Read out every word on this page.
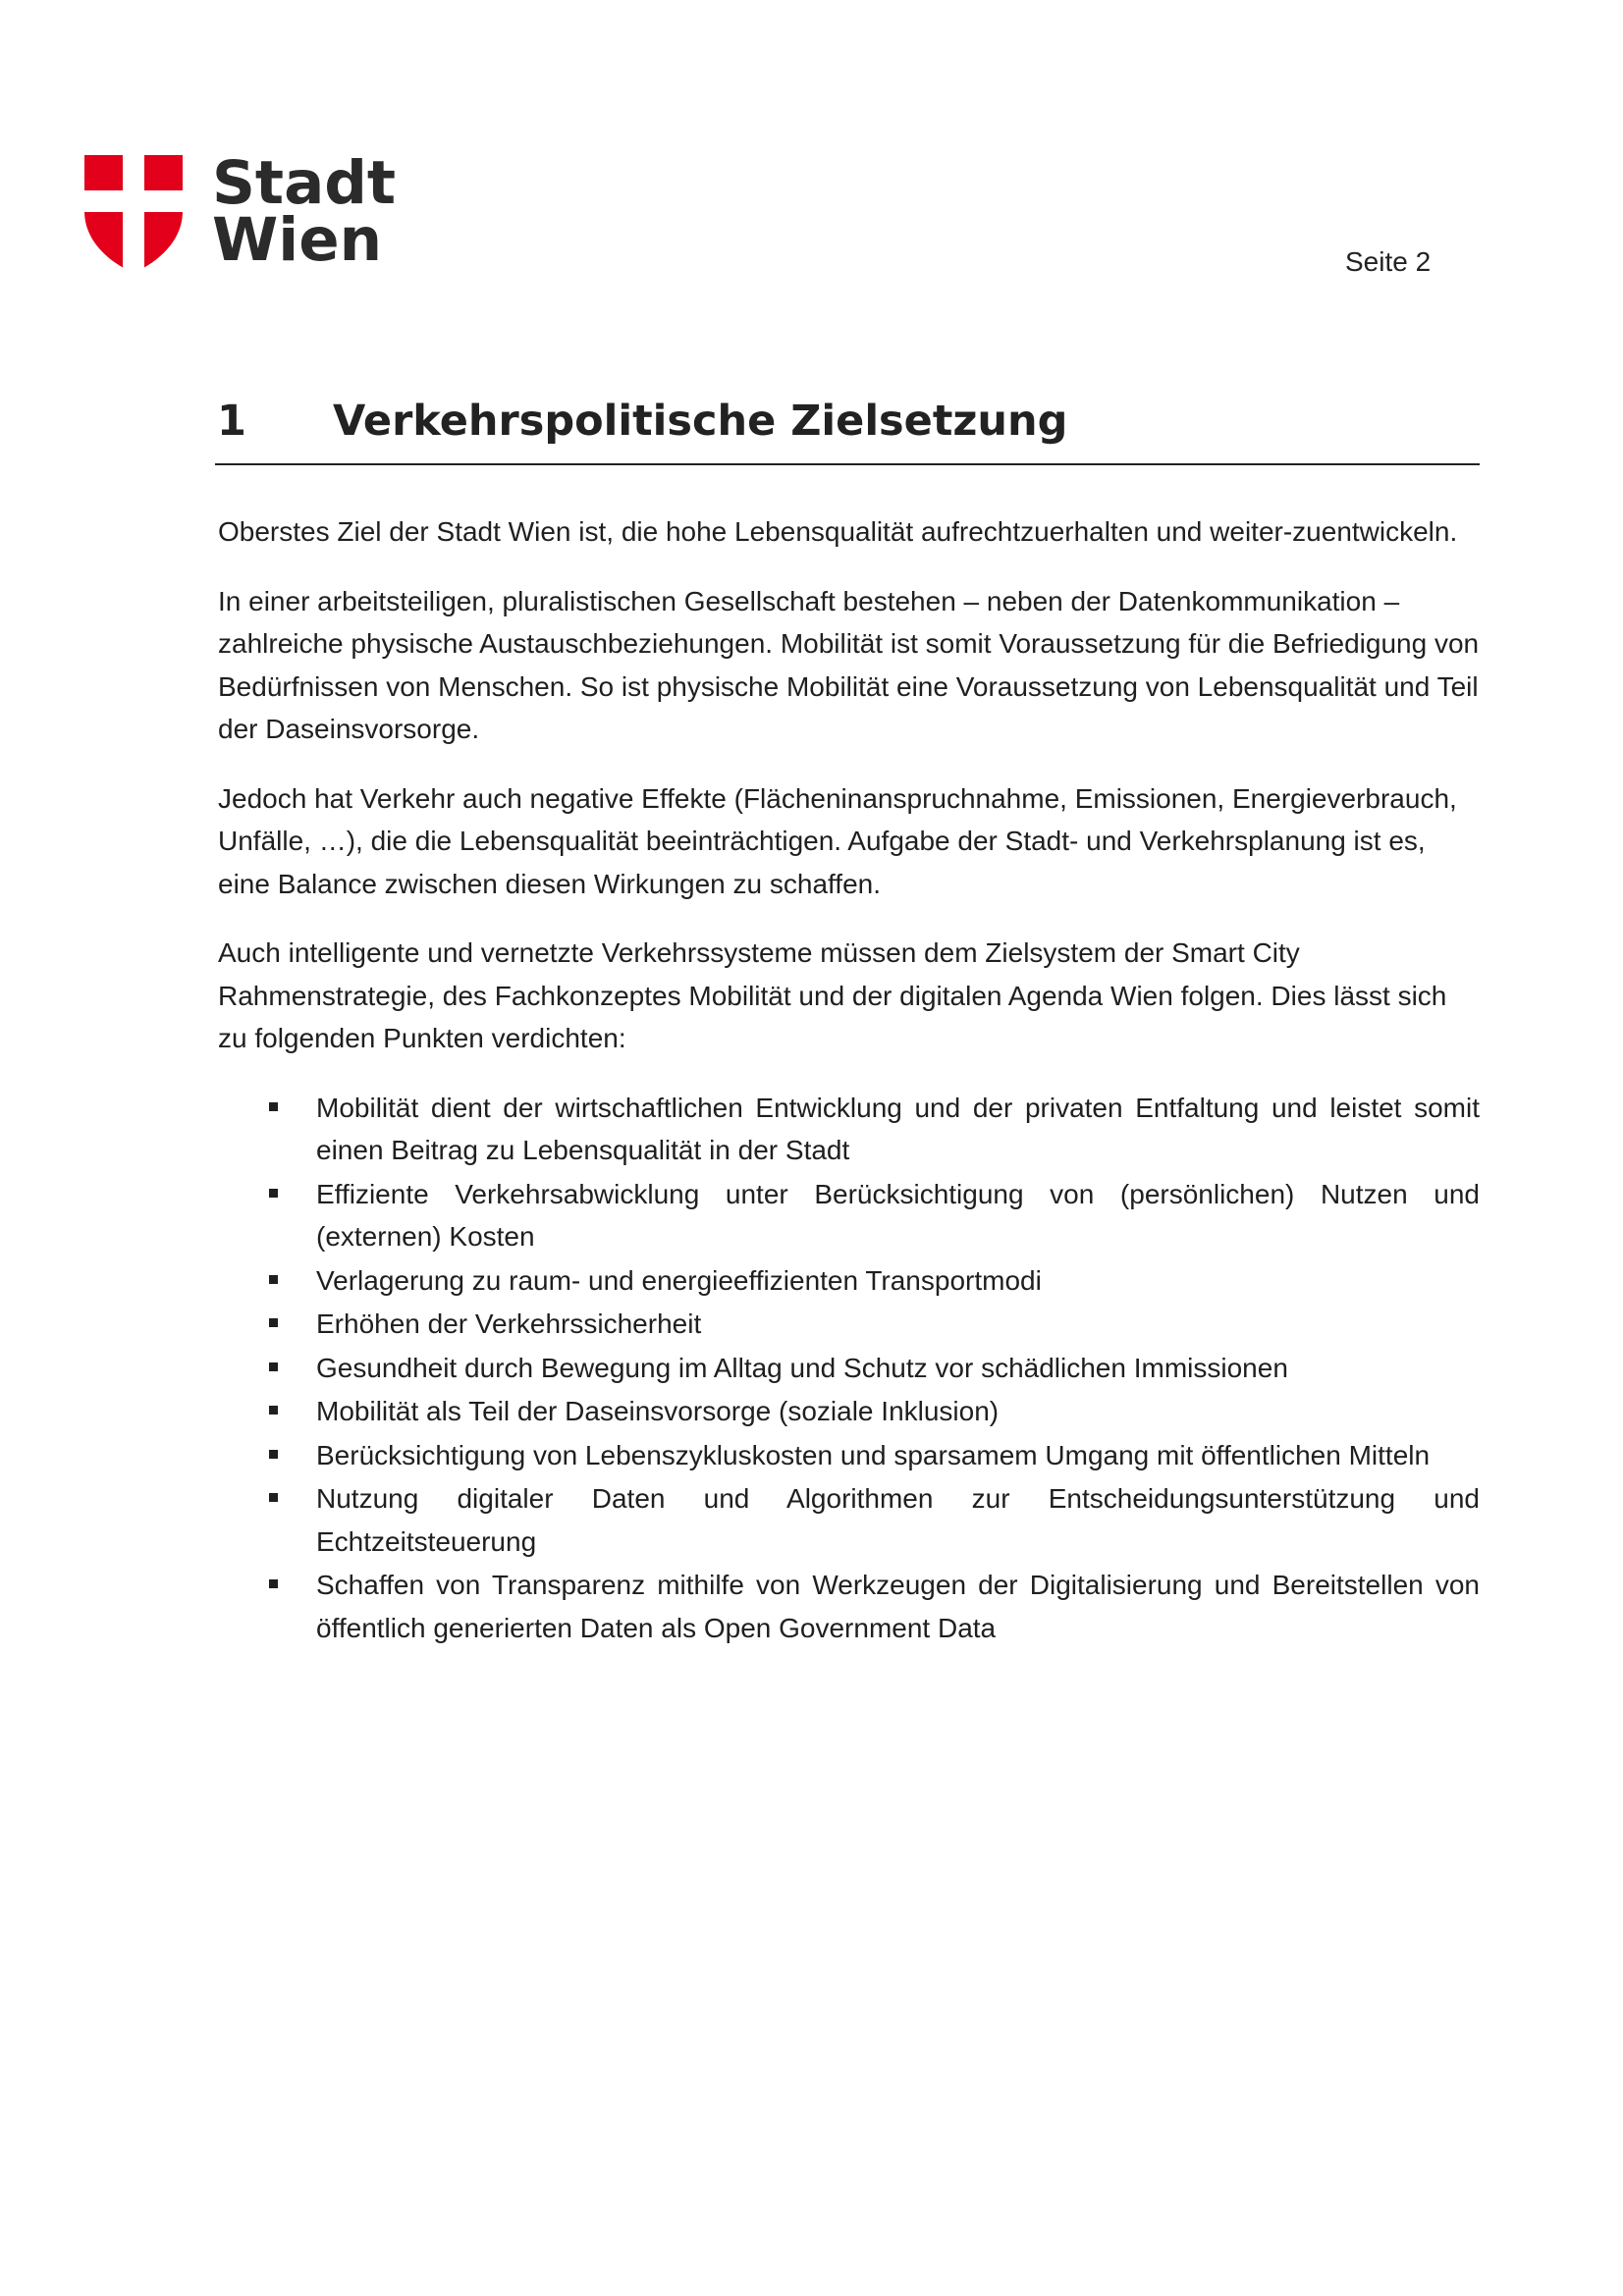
Stadt
Wien	Seite 2
1 Verkehrspolitische Zielsetzung

Oberstes Ziel der Stadt Wien ist, die hohe Lebensqualität aufrechtzuerhalten und weiter-zuentwickeln.

In einer arbeitsteiligen, pluralistischen Gesellschaft bestehen – neben der Datenkommunikation – zahlreiche physische Austauschbeziehungen. Mobilität ist somit Voraussetzung für die Befriedigung von Bedürfnissen von Menschen. So ist physische Mobilität eine Voraussetzung von Lebensqualität und Teil der Daseinsvorsorge.

Jedoch hat Verkehr auch negative Effekte (Flächeninanspruchnahme, Emissionen, Energieverbrauch, Unfälle, …), die die Lebensqualität beeinträchtigen. Aufgabe der Stadt- und Verkehrsplanung ist es, eine Balance zwischen diesen Wirkungen zu schaffen.

Auch intelligente und vernetzte Verkehrssysteme müssen dem Zielsystem der Smart City Rahmenstrategie, des Fachkonzeptes Mobilität und der digitalen Agenda Wien folgen. Dies lässt sich zu folgenden Punkten verdichten:

Mobilität dient der wirtschaftlichen Entwicklung und der privaten Entfaltung und leistet somit einen Beitrag zu Lebensqualität in der Stadt
Effiziente Verkehrsabwicklung unter Berücksichtigung von (persönlichen) Nutzen und (externen) Kosten
Verlagerung zu raum- und energieeffizienten Transportmodi
Erhöhen der Verkehrssicherheit
Gesundheit durch Bewegung im Alltag und Schutz vor schädlichen Immissionen
Mobilität als Teil der Daseinsvorsorge (soziale Inklusion)
Berücksichtigung von Lebenszykluskosten und sparsamem Umgang mit öffentlichen Mitteln
Nutzung digitaler Daten und Algorithmen zur Entscheidungsunterstützung und Echtzeitsteuerung
Schaffen von Transparenz mithilfe von Werkzeugen der Digitalisierung und Bereitstellen von öffentlich generierten Daten als Open Government Data
